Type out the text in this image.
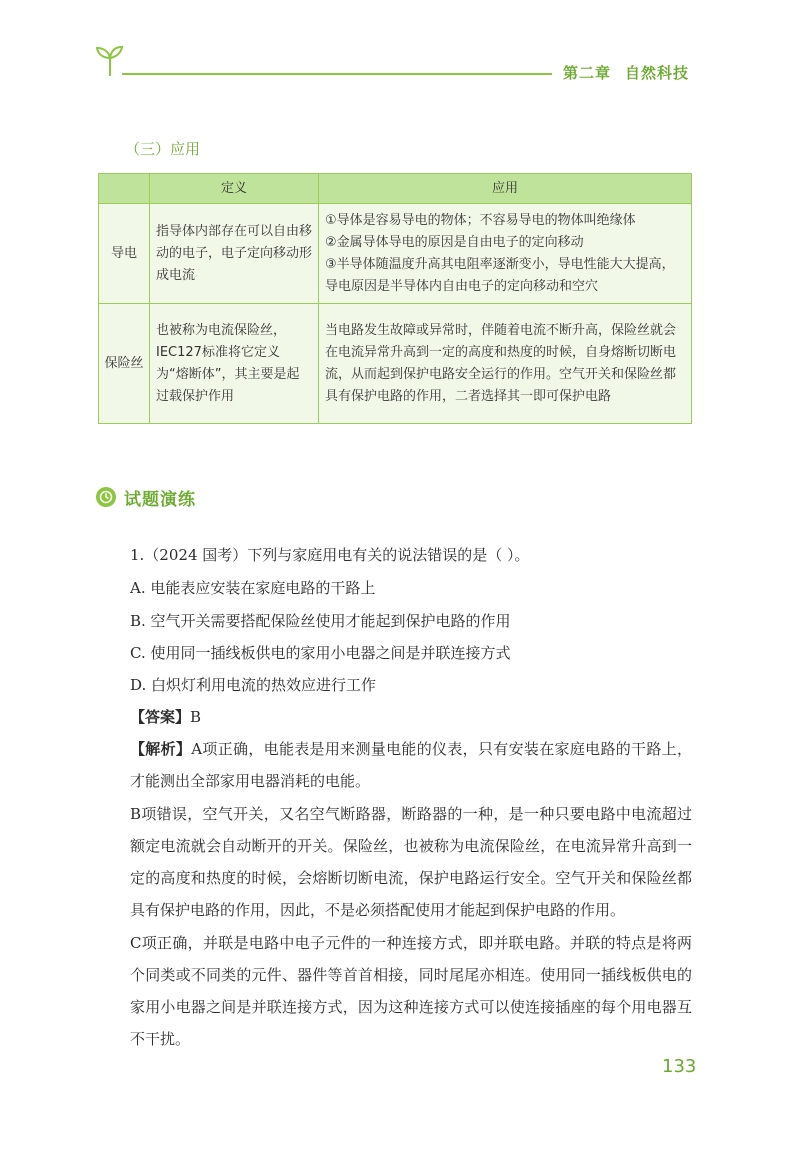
第二章 自然科技
（三）应用
	定义	应用
导电	指导体内部存在可以自由移动的电子，电子定向移动形成电流	①导体是容易导电的物体；不容易导电的物体叫绝缘体
②金属导体导电的原因是自由电子的定向移动
③半导体随温度升高其电阻率逐渐变小，导电性能大大提高，导电原因是半导体内自由电子的定向移动和空穴
保险丝	也被称为电流保险丝，IEC127标准将它定义为“熔断体”，其主要是起过载保护作用	当电路发生故障或异常时，伴随着电流不断升高，保险丝就会在电流异常升高到一定的高度和热度的时候，自身熔断切断电流，从而起到保护电路安全运行的作用。空气开关和保险丝都具有保护电路的作用，二者选择其一即可保护电路
试题演练
1.（2024 国考）下列与家庭用电有关的说法错误的是（ ）。
A. 电能表应安装在家庭电路的干路上
B. 空气开关需要搭配保险丝使用才能起到保护电路的作用
C. 使用同一插线板供电的家用小电器之间是并联连接方式
D. 白炽灯利用电流的热效应进行工作
【答案】B

【解析】A项正确，电能表是用来测量电能的仪表，只有安装在家庭电路的干路上，才能测出全部家用电器消耗的电能。

B项错误，空气开关，又名空气断路器，断路器的一种，是一种只要电路中电流超过额定电流就会自动断开的开关。保险丝，也被称为电流保险丝，在电流异常升高到一定的高度和热度的时候，会熔断切断电流，保护电路运行安全。空气开关和保险丝都具有保护电路的作用，因此，不是必须搭配使用才能起到保护电路的作用。

C项正确，并联是电路中电子元件的一种连接方式，即并联电路。并联的特点是将两个同类或不同类的元件、器件等首首相接，同时尾尾亦相连。使用同一插线板供电的家用小电器之间是并联连接方式，因为这种连接方式可以使连接插座的每个用电器互不干扰。

133
